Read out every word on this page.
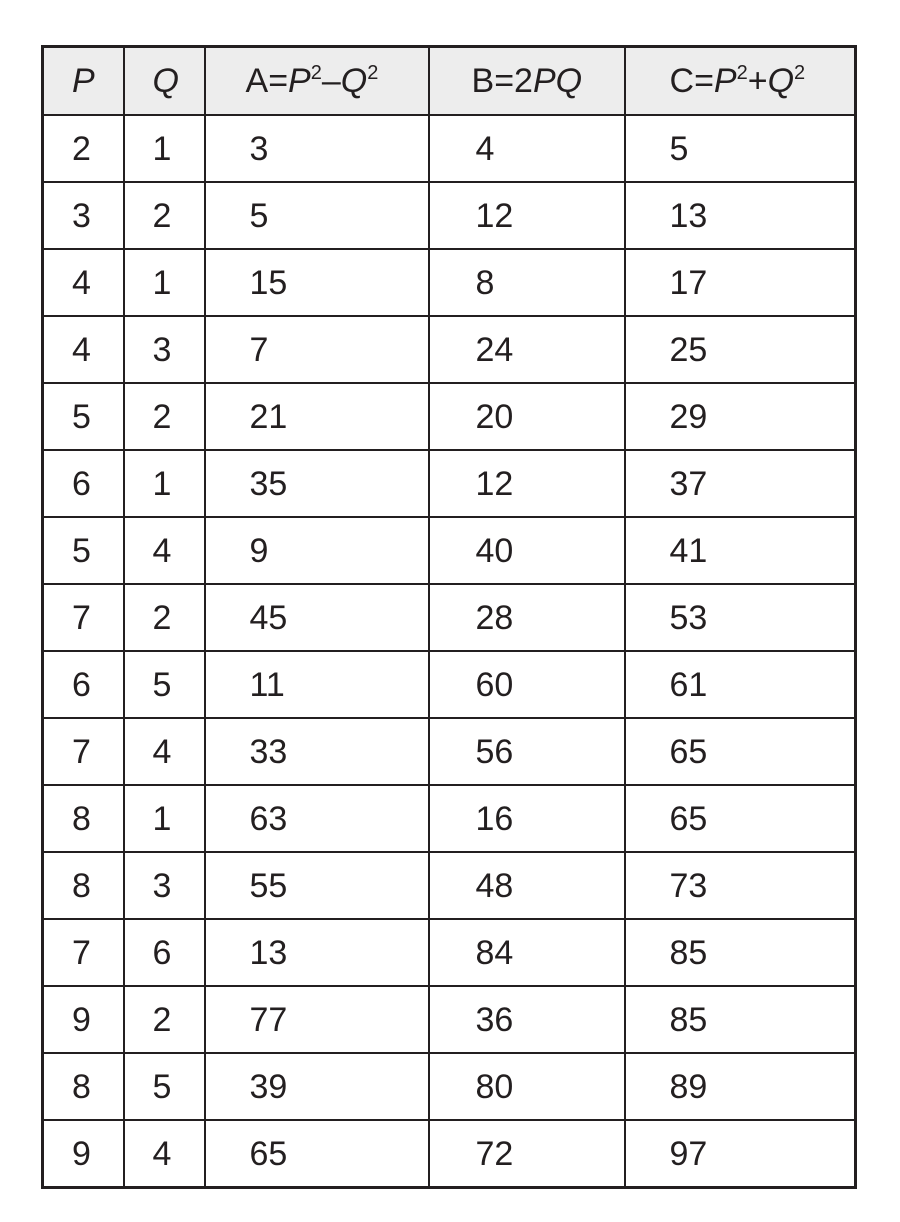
P	Q	$A=P^2-Q^2$	B=2PQ	$C=P^2+Q^2$
2	1	3	4	5
3	2	5	12	13
4	1	15	8	17
4	3	7	24	25
5	2	21	20	29
6	1	35	12	37
5	4	9	40	41
7	2	45	28	53
6	5	11	60	61
7	4	33	56	65
8	1	63	16	65
8	3	55	48	73
7	6	13	84	85
9	2	77	36	85
8	5	39	80	89
9	4	65	72	97
